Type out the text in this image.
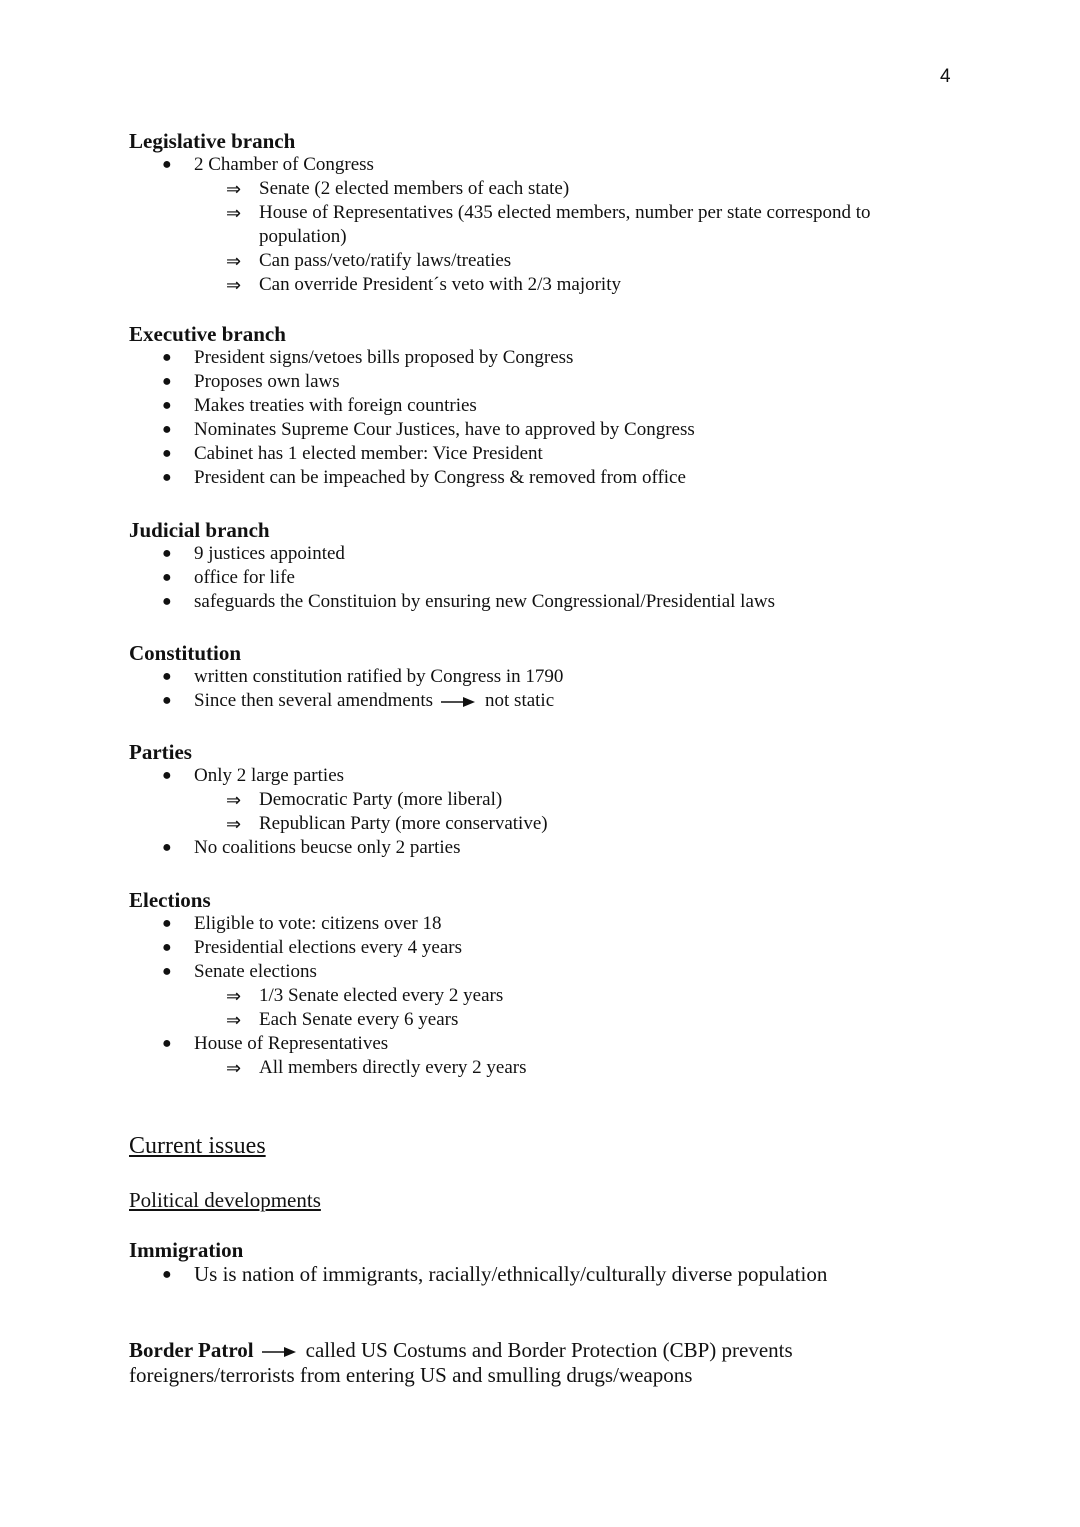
4
Legislative branch
● 2 Chamber of Congress
⇒ Senate (2 elected members of each state)
⇒ House of Representatives (435 elected members, number per state correspond to
population)
⇒ Can pass/veto/ratify laws/treaties
⇒ Can override President´s veto with 2/3 majority
Executive branch
● President signs/vetoes bills proposed by Congress
● Proposes own laws
● Makes treaties with foreign countries
● Nominates Supreme Cour Justices, have to approved by Congress
● Cabinet has 1 elected member: Vice President
● President can be impeached by Congress & removed from office
Judicial branch
● 9 justices appointed
● office for life
● safeguards the Constituion by ensuring new Congressional/Presidential laws
Constitution
● written constitution ratified by Congress in 1790
● Since then several amendments	not static
Parties
● Only 2 large parties
⇒ Democratic Party (more liberal)
⇒ Republican Party (more conservative)
● No coalitions beucse only 2 parties
Elections
● Eligible to vote: citizens over 18
● Presidential elections every 4 years
● Senate elections
⇒ 1/3 Senate elected every 2 years
⇒ Each Senate every 6 years
● House of Representatives
⇒ All members directly every 2 years
Current issues
Political developments
Immigration
● Us is nation of immigrants, racially/ethnically/culturally diverse population
Border Patrol called US Costums and Border Protection (CBP) prevents
foreigners/terrorists from entering US and smulling drugs/weapons
